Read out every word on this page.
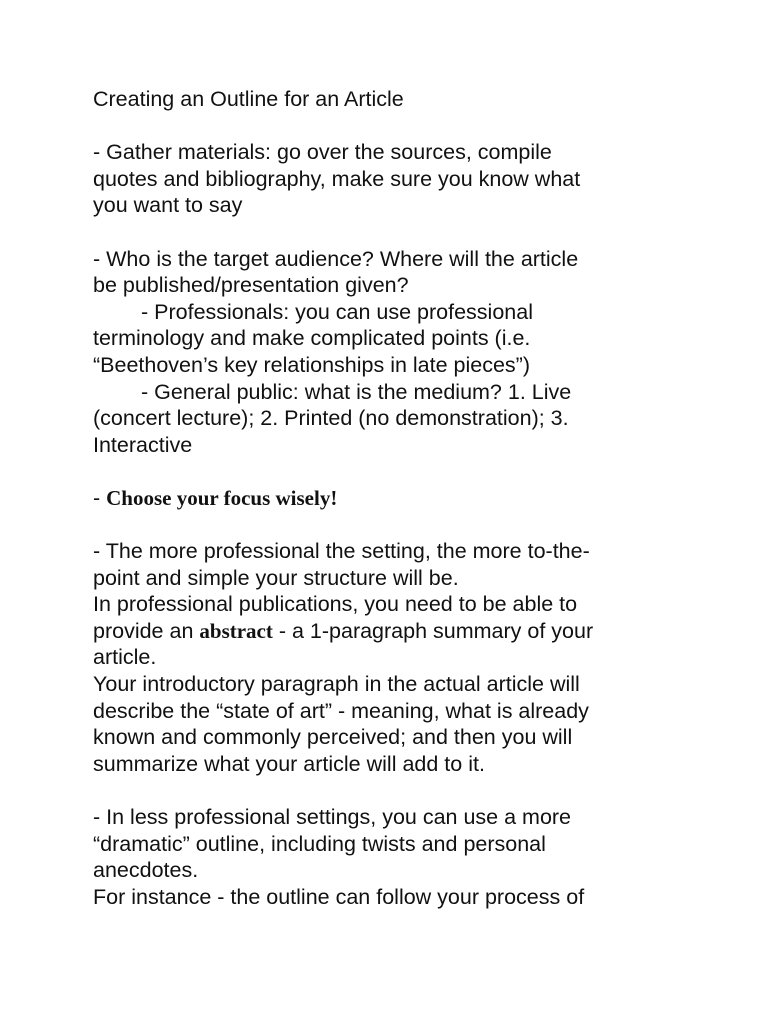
Creating an Outline for an Article
- Gather materials: go over the sources, compile
quotes and bibliography, make sure you know what
you want to say
- Who is the target audience? Where will the article
be published/presentation given?
- Professionals: you can use professional
terminology and make complicated points (i.e.
“Beethoven’s key relationships in late pieces”)
- General public: what is the medium? 1. Live
(concert lecture); 2. Printed (no demonstration); 3.
Interactive
- Choose your focus wisely!
- The more professional the setting, the more to-the-
point and simple your structure will be.
In professional publications, you need to be able to
provide an abstract - a 1-paragraph summary of your
article.
Your introductory paragraph in the actual article will
describe the “state of art” - meaning, what is already
known and commonly perceived; and then you will
summarize what your article will add to it.
- In less professional settings, you can use a more
“dramatic” outline, including twists and personal
anecdotes.
For instance - the outline can follow your process of
